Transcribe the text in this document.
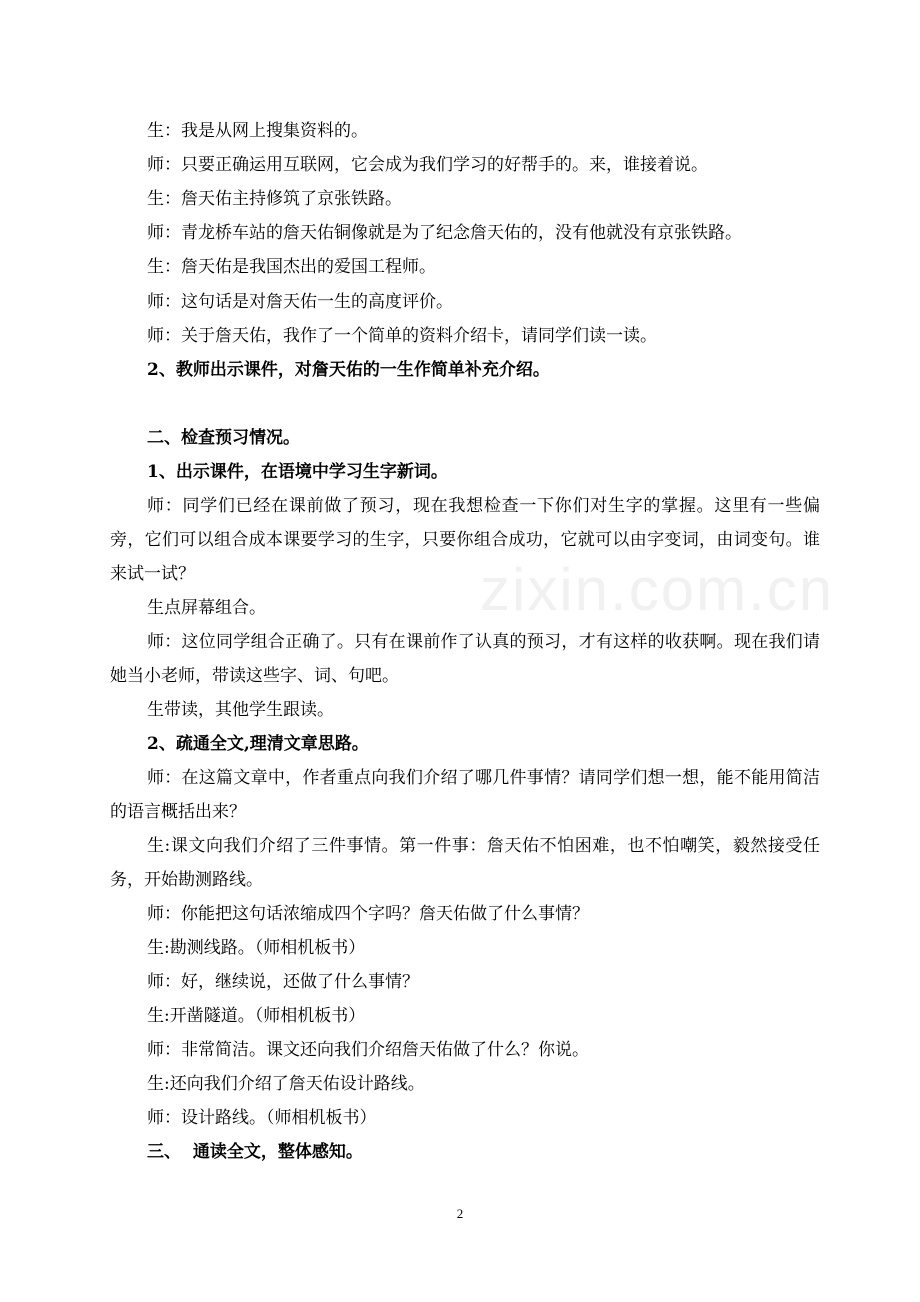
zixin.com.cn
生：我是从网上搜集资料的。
师：只要正确运用互联网，它会成为我们学习的好帮手的。来，谁接着说。
生：詹天佑主持修筑了京张铁路。
师：青龙桥车站的詹天佑铜像就是为了纪念詹天佑的，没有他就没有京张铁路。
生：詹天佑是我国杰出的爱国工程师。
师：这句话是对詹天佑一生的高度评价。
师：关于詹天佑，我作了一个简单的资料介绍卡，请同学们读一读。
2、教师出示课件，对詹天佑的一生作简单补充介绍。
二、检查预习情况。
1、出示课件，在语境中学习生字新词。
师：同学们已经在课前做了预习，现在我想检查一下你们对生字的掌握。这里有一些偏旁，它们可以组合成本课要学习的生字，只要你组合成功，它就可以由字变词，由词变句。谁来试一试？
生点屏幕组合。
师：这位同学组合正确了。只有在课前作了认真的预习，才有这样的收获啊。现在我们请她当小老师，带读这些字、词、句吧。
生带读，其他学生跟读。
2、疏通全文,理清文章思路。
师：在这篇文章中，作者重点向我们介绍了哪几件事情？请同学们想一想，能不能用简洁的语言概括出来？
生:课文向我们介绍了三件事情。第一件事：詹天佑不怕困难，也不怕嘲笑，毅然接受任务，开始勘测路线。
师：你能把这句话浓缩成四个字吗？詹天佑做了什么事情？
生:勘测线路。（师相机板书）
师：好，继续说，还做了什么事情？
生:开凿隧道。（师相机板书）
师：非常简洁。课文还向我们介绍詹天佑做了什么？你说。
生:还向我们介绍了詹天佑设计路线。
师：设计路线。（师相机板书）
三、  通读全文，整体感知。
2
